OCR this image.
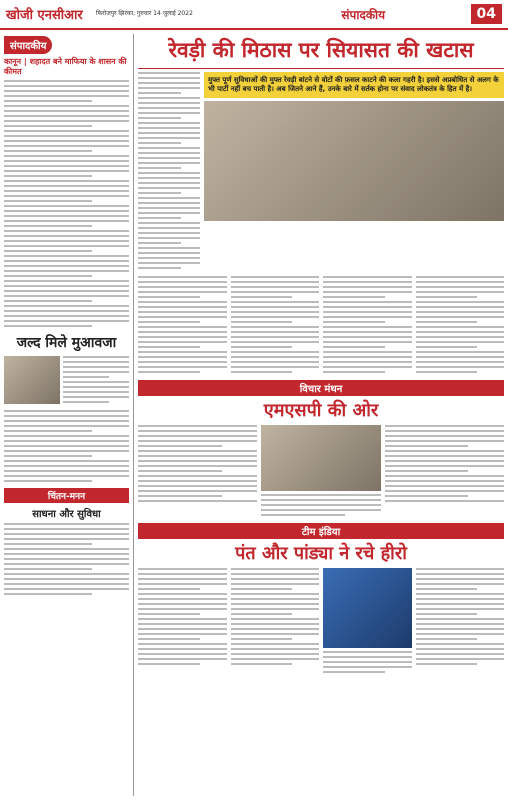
खोजी एनसीआर	फिरोजपुर झिरका, गुरुवार 14 जुलाई 2022	संपादकीय	04
संपादकीय
कानून | शहादत बने माफिया के शासन की कीमत
जल्द मिले मुआवजा
चिंतन-मनन
साधना और सुविधा
रेवड़ी की मिठास पर सियासत की खटास
मुफ्त पूर्ण सुविधाओं की मुफ्त रेवड़ी बांटने से वोटों की फ़सल काटने की कला गहरी है। इससे अप्रबोधित से अलग के भी पार्टी नहीं बच पाती है। अब जितने आने हैं, उनके बारे में सर्तक होना पर संवाद लोकतंत्र के हित में है।
विचार मंथन
एमएसपी की ओर
टीम इंडिया
पंत और पांड्या ने रचे हीरो
